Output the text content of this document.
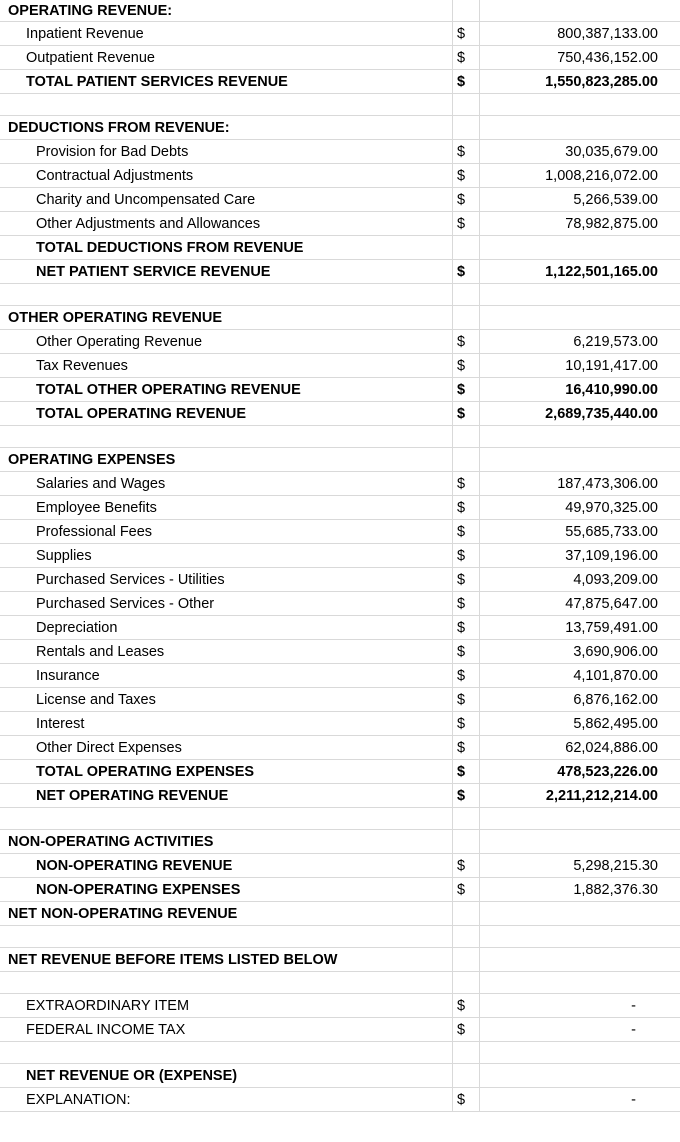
OPERATING REVENUE:
Inpatient Revenue	$	800,387,133.00
Outpatient Revenue	$	750,436,152.00
TOTAL PATIENT SERVICES REVENUE	$	1,550,823,285.00
DEDUCTIONS FROM REVENUE:
Provision for Bad Debts	$	30,035,679.00
Contractual Adjustments	$	1,008,216,072.00
Charity and Uncompensated Care	$	5,266,539.00
Other Adjustments and Allowances	$	78,982,875.00
TOTAL DEDUCTIONS FROM REVENUE
NET PATIENT SERVICE REVENUE	$	1,122,501,165.00
OTHER OPERATING REVENUE
Other Operating Revenue	$	6,219,573.00
Tax Revenues	$	10,191,417.00
TOTAL OTHER OPERATING REVENUE	$	16,410,990.00
TOTAL OPERATING REVENUE	$	2,689,735,440.00
OPERATING EXPENSES
Salaries and Wages	$	187,473,306.00
Employee Benefits	$	49,970,325.00
Professional Fees	$	55,685,733.00
Supplies	$	37,109,196.00
Purchased Services - Utilities	$	4,093,209.00
Purchased Services - Other	$	47,875,647.00
Depreciation	$	13,759,491.00
Rentals and Leases	$	3,690,906.00
Insurance	$	4,101,870.00
License and Taxes	$	6,876,162.00
Interest	$	5,862,495.00
Other Direct Expenses	$	62,024,886.00
TOTAL OPERATING EXPENSES	$	478,523,226.00
NET OPERATING REVENUE	$	2,211,212,214.00
NON-OPERATING ACTIVITIES
NON-OPERATING REVENUE	$	5,298,215.30
NON-OPERATING EXPENSES	$	1,882,376.30
NET NON-OPERATING REVENUE
NET REVENUE BEFORE ITEMS LISTED BELOW
EXTRAORDINARY ITEM	$	-
FEDERAL INCOME TAX	$	-
NET REVENUE OR (EXPENSE)
EXPLANATION:	$	-
